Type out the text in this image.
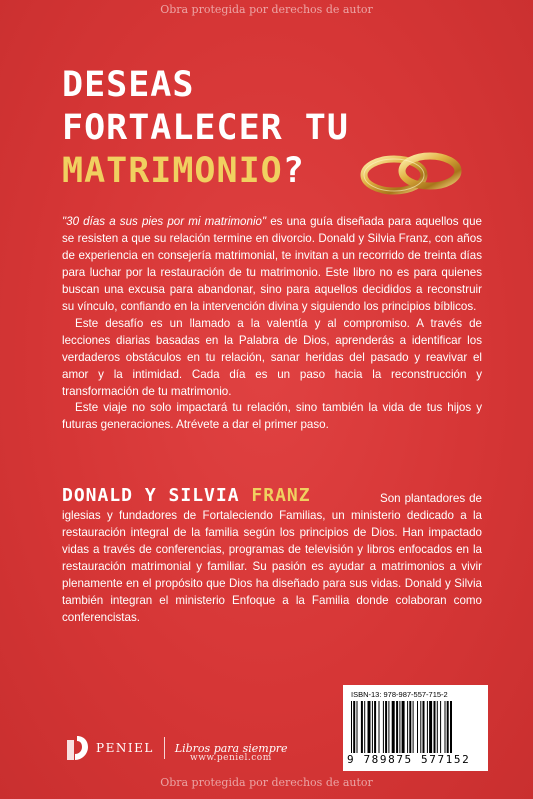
Obra protegida por derechos de autor
DESEAS
FORTALECER TU
MATRIMONIO?

"30 días a sus pies por mi matrimonio" es una guía diseñada para aquellos que se resisten a que su relación termine en divorcio. Donald y Silvia Franz, con años de experiencia en consejería matrimonial, te invitan a un recorrido de treinta días para luchar por la restauración de tu matrimonio. Este libro no es para quienes buscan una excusa para abandonar, sino para aquellos decididos a reconstruir su vínculo, confiando en la intervención divina y siguiendo los principios bíblicos.

Este desafío es un llamado a la valentía y al compromiso. A través de lecciones diarias basadas en la Palabra de Dios, aprenderás a identificar los verdaderos obstáculos en tu relación, sanar heridas del pasado y reavivar el amor y la intimidad. Cada día es un paso hacia la reconstrucción y transformación de tu matrimonio.

Este viaje no solo impactará tu relación, sino también la vida de tus hijos y futuras generaciones. Atrévete a dar el primer paso.

DONALD Y SILVIA FRANZ	Son plantadores de iglesias y fundadores de Fortaleciendo Familias, un ministerio dedicado a la restauración integral de la familia según los principios de Dios. Han impactado vidas a través de conferencias, programas de televisión y libros enfocados en la restauración matrimonial y familiar. Su pasión es ayudar a matrimonios a vivir plenamente en el propósito que Dios ha diseñado para sus vidas. Donald y Silvia también integran el ministerio Enfoque a la Familia donde colaboran como conferencistas.

PENIEL Libros para siempre
www.peniel.com
ISBN-13: 978-987-557-715-2
9 789875 577152
Obra protegida por derechos de autor
